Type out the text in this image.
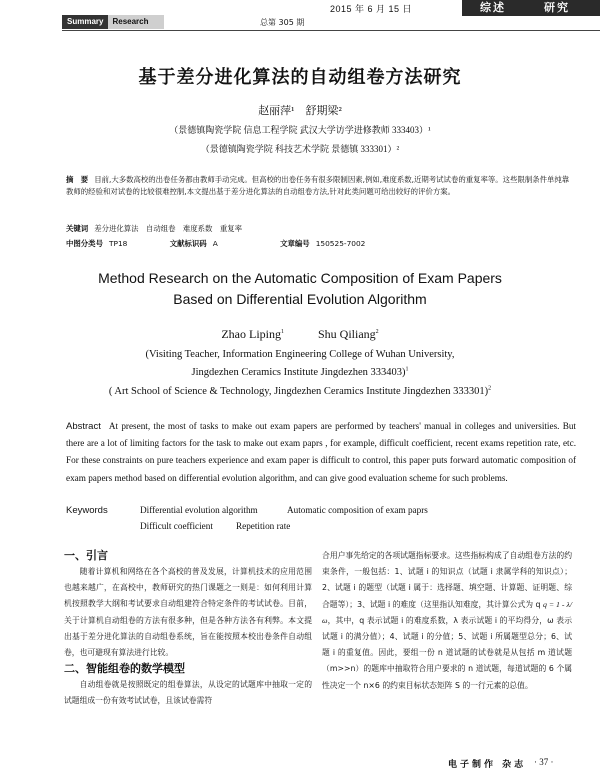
2015 年 6 月 15 日	综述	研究
Summary	Research	总第 305 期
基于差分进化算法的自动组卷方法研究
赵丽萍¹　舒期梁²
（景德镇陶瓷学院 信息工程学院 武汉大学访学进修教师 333403）¹
（景德镇陶瓷学院 科技艺术学院 景德镇 333301）²
摘　要 目前,大多数高校的出卷任务都由教师手动完成。但高校的出卷任务有很多限制因素,例如,难度系数,近期考试试卷的重复率等。这些限制条件单纯靠教师的经验和对试卷的比较很难控制,本文提出基于差分进化算法的自动组卷方法,针对此类问题可给出较好的评价方案。
关键词 差分进化算法　自动组卷　难度系数　重复率
中图分类号 TP18	文献标识码 A	文章编号 150525-7002
Method Research on the Automatic Composition of Exam Papers
Based on Differential Evolution Algorithm
Zhao Liping$^1$	Shu Qiliang$^2$
(Visiting Teacher, Information Engineering College of Wuhan University,
Jingdezhen Ceramics Institute Jingdezhen 333403)$^1$
( Art School of Science & Technology, Jingdezhen Ceramics Institute Jingdezhen 333301)$^2$
Abstract At present, the most of tasks to make out exam papers are performed by teachers' manual in colleges and universities. But there are a lot of limiting factors for the task to make out exam paprs , for example, difficult coefficient, recent exams repetition rate, etc. For these constraints on pure teachers experience and exam paper is difficult to control, this paper puts forward automatic composition of exam papers method based on differential evolution algorithm, and can give good evaluation scheme for such problems.
Keywords	Differential evolution algorithm	Automatic composition of exam paprs
Difficult coefficient	Repetition rate

一、引言

随着计算机和网络在各个高校的普及发展，计算机技术的应用范围也越来越广，在高校中，教师研究的热门课题之一则是：如何利用计算机按照教学大纲和考试要求自动组建符合特定条件的考试试卷。目前，关于计算机自动组卷的方法有很多种，但是各种方法各有利弊。本文提出基于差分进化算法的自动组卷系统，旨在能按照本校出卷条件自动组卷，也可避现有算法进行比较。

二、智能组卷的数学模型

自动组卷就是按照既定的组卷算法，从设定的试题库中抽取一定的试题组成一份有效考试试卷，且该试卷需符

合用户事先给定的各项试题指标要求。这些指标构成了自动组卷方法的约束条件，一般包括：1、试题 i 的知识点（试题 i 隶属学科的知识点）；2、试题 i 的题型（试题 i 属于：选择题、填空题、计算题、证明题、综合题等）；3、试题 i 的难度（这里指认知难度，其计算公式为 q q = 1 - λ/ω，其中，q 表示试题 i 的难度系数，λ 表示试题 i 的平均得分，ω 表示试题 i 的满分值）；4、试题 i 的分值；5、试题 i 所属题型总分；6、试题 i 的重复值。因此，要组一份 n 道试题的试卷就是从包括 m 道试题（m>>n）的题库中抽取符合用户要求的 n 道试题，每道试题的 6 个属性决定一个 n×6 的约束目标状态矩阵 S 的一行元素的总值。

电子制作 杂志 · 37 ·
